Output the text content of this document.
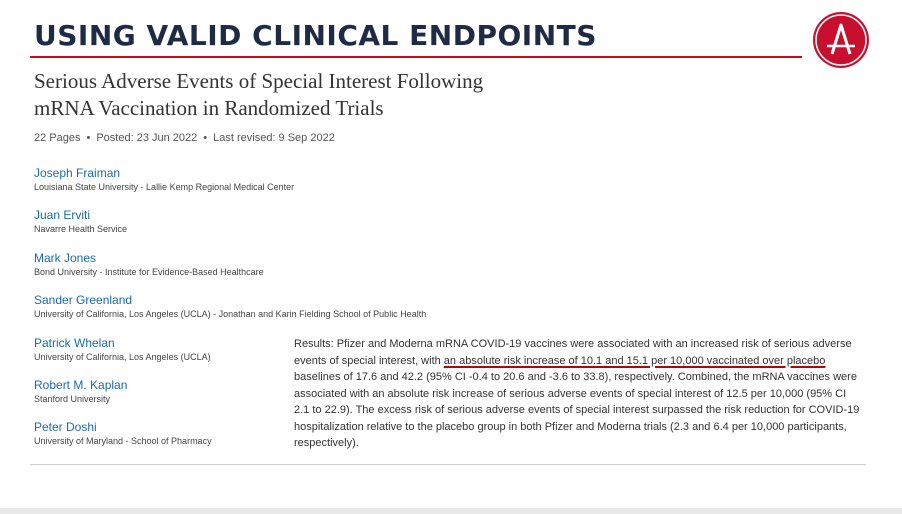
USING VALID CLINICAL ENDPOINTS
Serious Adverse Events of Special Interest Following
mRNA Vaccination in Randomized Trials
22 Pages • Posted: 23 Jun 2022 • Last revised: 9 Sep 2022
Joseph Fraiman
Louisiana State University - Lallie Kemp Regional Medical Center
Juan Erviti
Navarre Health Service
Mark Jones
Bond University - Institute for Evidence-Based Healthcare
Sander Greenland
University of California, Los Angeles (UCLA) - Jonathan and Karin Fielding School of Public Health
Patrick Whelan
University of California, Los Angeles (UCLA)
Robert M. Kaplan
Stanford University
Peter Doshi
University of Maryland - School of Pharmacy

Results: Pfizer and Moderna mRNA COVID-19 vaccines were associated with an increased risk of serious adverse events of special interest, with an absolute risk increase of 10.1 and 15.1 per 10,000 vaccinated over placebo baselines of 17.6 and 42.2 (95% CI -0.4 to 20.6 and -3.6 to 33.8), respectively. Combined, the mRNA vaccines were associated with an absolute risk increase of serious adverse events of special interest of 12.5 per 10,000 (95% CI 2.1 to 22.9). The excess risk of serious adverse events of special interest surpassed the risk reduction for COVID-19 hospitalization relative to the placebo group in both Pfizer and Moderna trials (2.3 and 6.4 per 10,000 participants, respectively).
